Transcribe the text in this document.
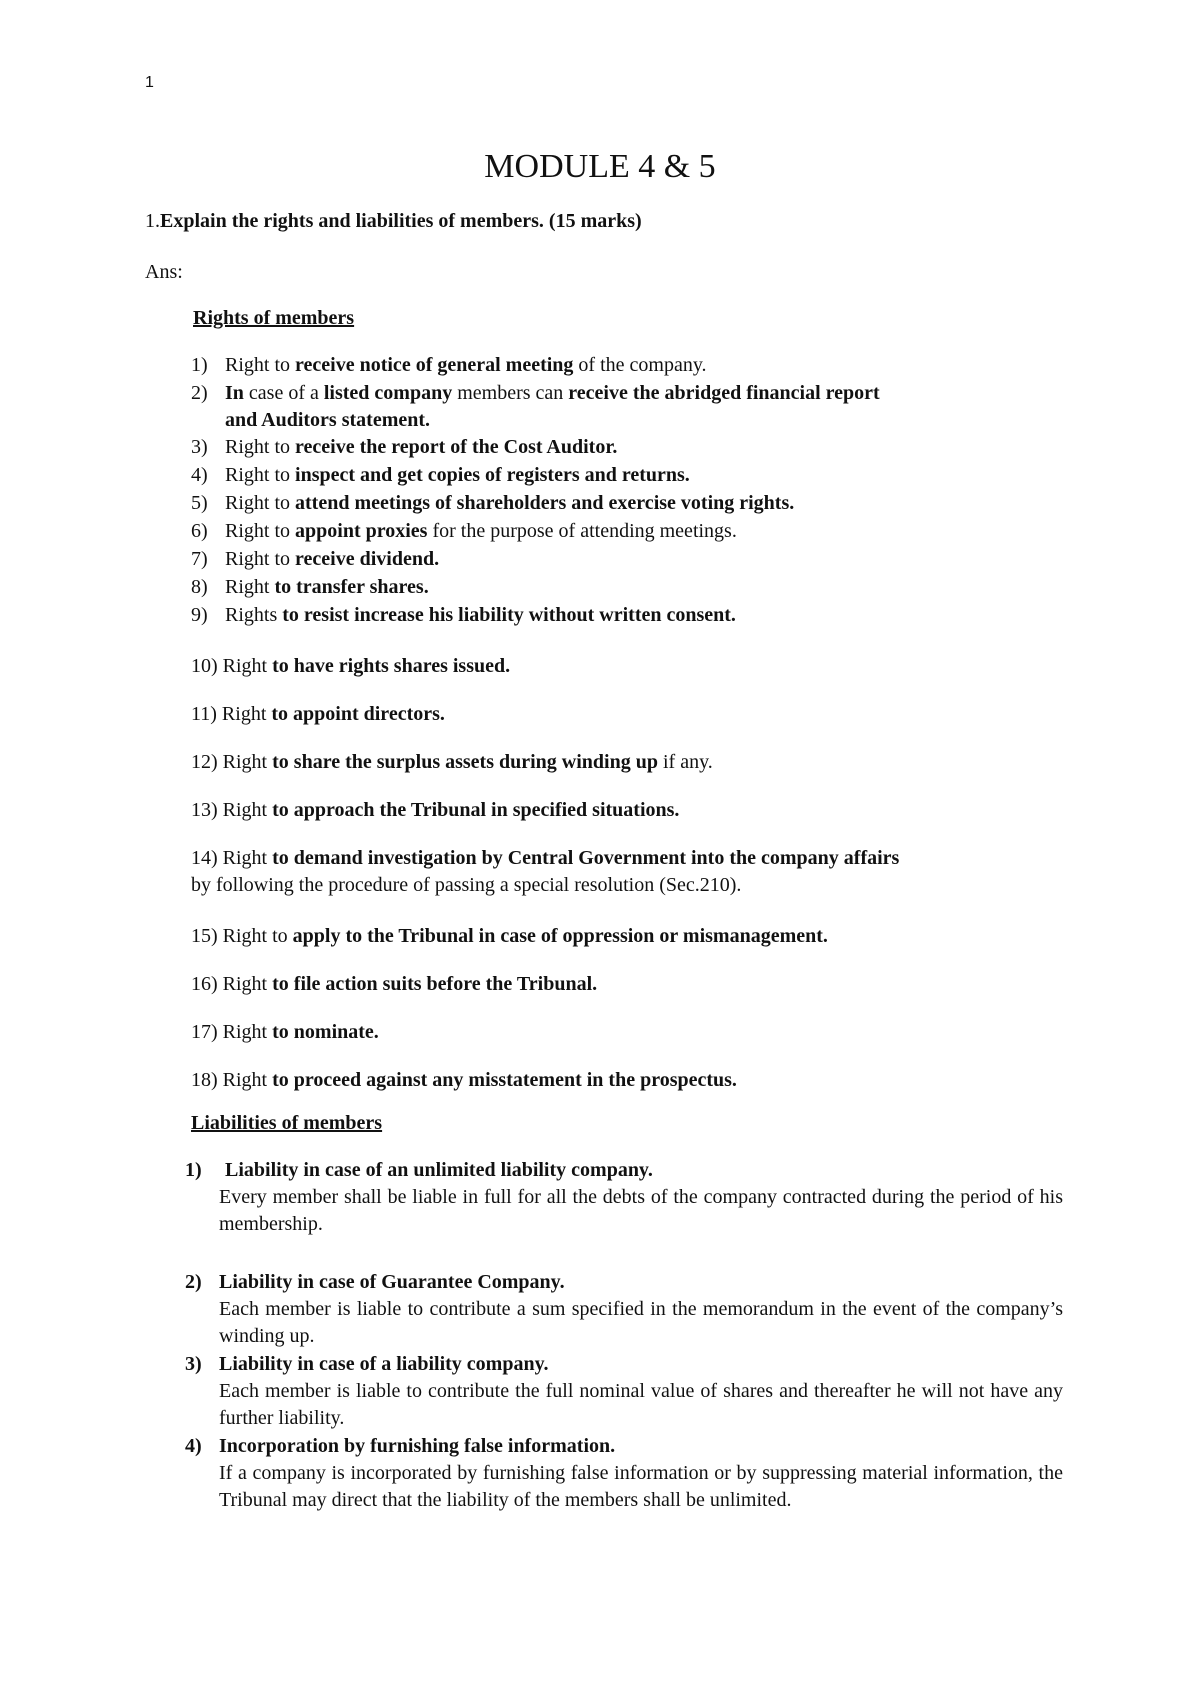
1
MODULE 4 & 5
1.Explain the rights and liabilities of members. (15 marks)
Ans:
Rights of members
1) Right to receive notice of general meeting of the company.
2) In case of a listed company members can receive the abridged financial report
and Auditors statement.
3) Right to receive the report of the Cost Auditor.
4) Right to inspect and get copies of registers and returns.
5) Right to attend meetings of shareholders and exercise voting rights.
6) Right to appoint proxies for the purpose of attending meetings.
7) Right to receive dividend.
8) Right to transfer shares.
9) Rights to resist increase his liability without written consent.
10) Right to have rights shares issued.
11) Right to appoint directors.
12) Right to share the surplus assets during winding up if any.
13) Right to approach the Tribunal in specified situations.
14) Right to demand investigation by Central Government into the company affairs
by following the procedure of passing a special resolution (Sec.210).
15) Right to apply to the Tribunal in case of oppression or mismanagement.
16) Right to file action suits before the Tribunal.
17) Right to nominate.
18) Right to proceed against any misstatement in the prospectus.
Liabilities of members
1) Liability in case of an unlimited liability company.
Every member shall be liable in full for all the debts of the company contracted during the period of his membership.
2) Liability in case of Guarantee Company.
Each member is liable to contribute a sum specified in the memorandum in the event of the company’s winding up.
3) Liability in case of a liability company.
Each member is liable to contribute the full nominal value of shares and thereafter he will not have any further liability.
4) Incorporation by furnishing false information.
If a company is incorporated by furnishing false information or by suppressing material information, the Tribunal may direct that the liability of the members shall be unlimited.
